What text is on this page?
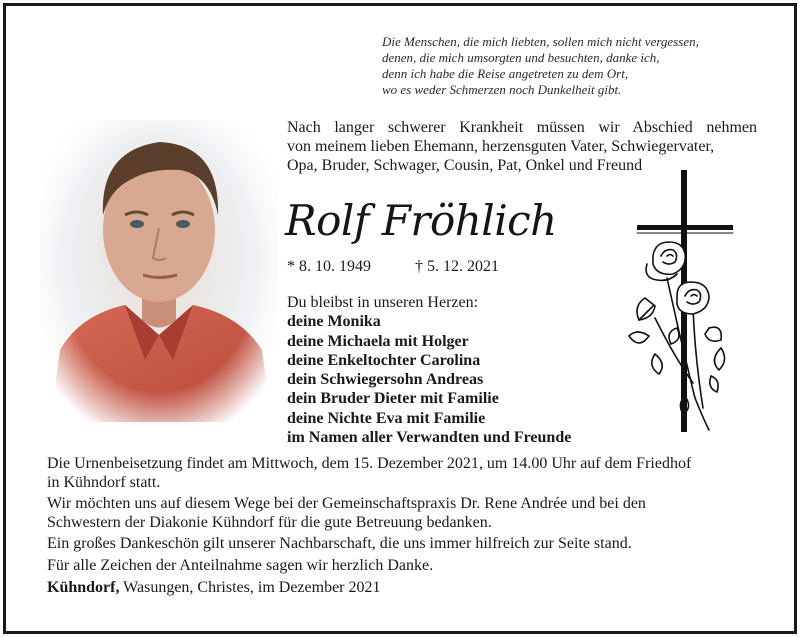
Die Menschen, die mich liebten, sollen mich nicht vergessen,
denen, die mich umsorgten und besuchten, danke ich,
denn ich habe die Reise angetreten zu dem Ort,
wo es weder Schmerzen noch Dunkelheit gibt.
Nach langer schwerer Krankheit müssen wir Abschied nehmen
von meinem lieben Ehemann, herzensguten Vater, Schwiegervater,
Opa, Bruder, Schwager, Cousin, Pat, Onkel und Freund
Rolf Fröhlich
* 8. 10. 1949	† 5. 12. 2021
Du bleibst in unseren Herzen:
deine Monika
deine Michaela mit Holger
deine Enkeltochter Carolina
dein Schwiegersohn Andreas
dein Bruder Dieter mit Familie
deine Nichte Eva mit Familie
im Namen aller Verwandten und Freunde

Die Urnenbeisetzung findet am Mittwoch, dem 15. Dezember 2021, um 14.00 Uhr auf dem Friedhof
in Kühndorf statt.

Wir möchten uns auf diesem Wege bei der Gemeinschaftspraxis Dr. Rene Andrée und bei den
Schwestern der Diakonie Kühndorf für die gute Betreuung bedanken.

Ein großes Dankeschön gilt unserer Nachbarschaft, die uns immer hilfreich zur Seite stand.

Für alle Zeichen der Anteilnahme sagen wir herzlich Danke.

Kühndorf, Wasungen, Christes, im Dezember 2021
